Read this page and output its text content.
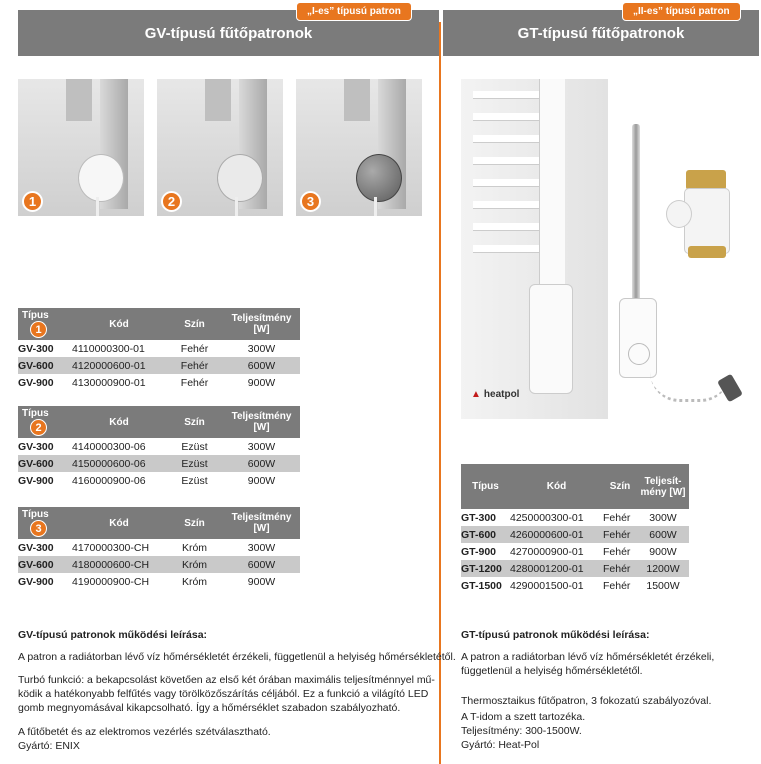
GV-típusú fűtőpatronok
„I-es” típusú patron
GT-típusú fűtőpatronok
„II-es” típusú patron
1	2	3
Típus1	Kód	Szín	Teljesítmény [W]
GV-300	4110000300-01	Fehér	300W
GV-600	4120000600-01	Fehér	600W
GV-900	4130000900-01	Fehér	900W
Típus2	Kód	Szín	Teljesítmény [W]
GV-300	4140000300-06	Ezüst	300W
GV-600	4150000600-06	Ezüst	600W
GV-900	4160000900-06	Ezüst	900W
Típus3	Kód	Szín	Teljesítmény [W]
GV-300	4170000300-CH	Króm	300W
GV-600	4180000600-CH	Króm	600W
GV-900	4190000900-CH	Króm	900W
▲ heatpol
Típus	Kód	Szín	Teljesít-mény [W]
GT-300	4250000300-01	Fehér	300W
GT-600	4260000600-01	Fehér	600W
GT-900	4270000900-01	Fehér	900W
GT-1200	4280001200-01	Fehér	1200W
GT-1500	4290001500-01	Fehér	1500W
GV-típusú patronok működési leírása:
A patron a radiátorban lévő víz hőmérsékletét érzékeli, függetlenül a helyiség hőmérsékletétől.
Turbó funkció: a bekapcsolást követően az első két órában maximális teljesítménnyel mű-
ködik a hatékonyabb felfűtés vagy törölközőszárítás céljából. Ez a funkció a világító LED
gomb megnyomásával kikapcsolható. Így a hőmérséklet szabadon szabályozható.
A fűtőbetét és az elektromos vezérlés szétválasztható.
Gyártó: ENIX
GT-típusú patronok működési leírása:
A patron a radiátorban lévő víz hőmérsékletét érzékeli,
függetlenül a helyiség hőmérsékletétől.
Thermosztaikus fűtőpatron, 3 fokozatú szabályozóval.
A T-idom a szett tartozéka.
Teljesítmény: 300-1500W.
Gyártó: Heat-Pol
